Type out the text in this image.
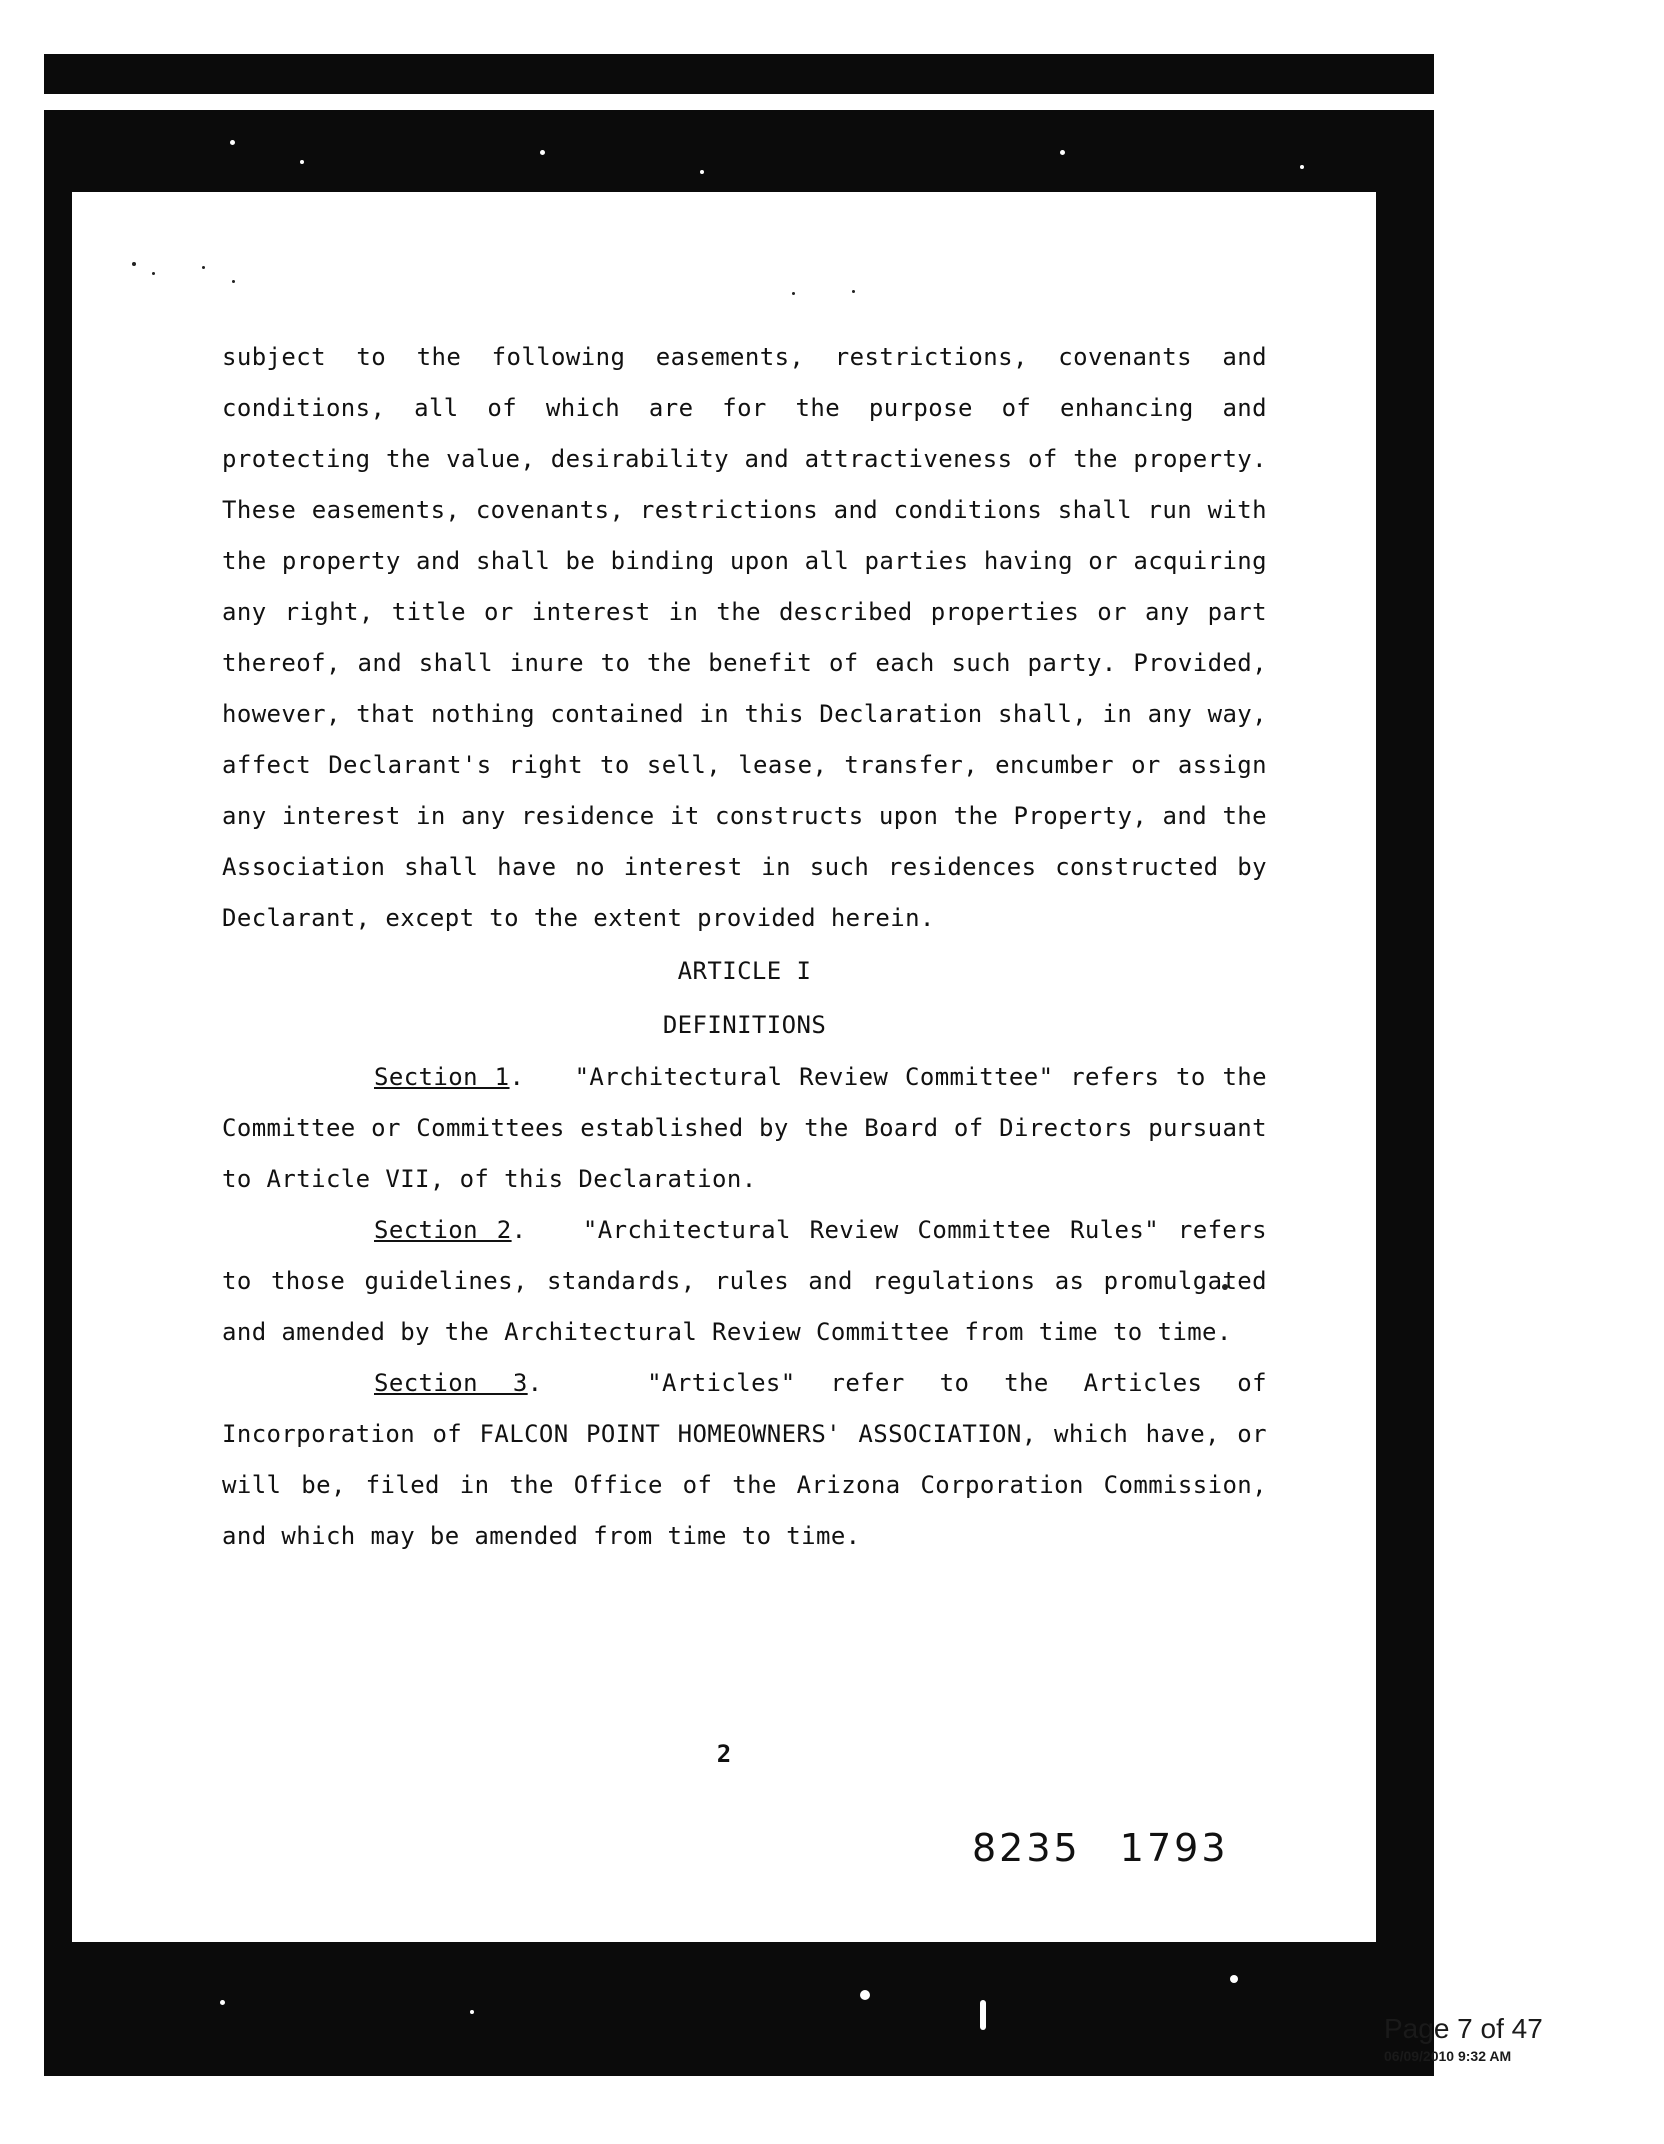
subject to the following easements, restrictions, covenants and conditions, all of which are for the purpose of enhancing and protecting the value, desirability and attractiveness of the property. These easements, covenants, restrictions and conditions shall run with the property and shall be binding upon all parties having or acquiring any right, title or interest in the described properties or any part thereof, and shall inure to the benefit of each such party. Provided, however, that nothing contained in this Declaration shall, in any way, affect Declarant's right to sell, lease, transfer, encumber or assign any interest in any residence it constructs upon the Property, and the Association shall have no interest in such residences constructed by Declarant, except to the extent provided herein.

ARTICLE I

DEFINITIONS

Section 1.   "Architectural Review Committee" refers to the Committee or Committees established by the Board of Directors pursuant to Article VII, of this Declaration.

Section 2.   "Architectural Review Committee Rules" refers to those guidelines, standards, rules and regulations as promulgated and amended by the Architectural Review Committee from time to time.

Section 3.   "Articles" refer to the Articles of Incorporation of FALCON POINT HOMEOWNERS' ASSOCIATION, which have, or will be, filed in the Office of the Arizona Corporation Commission, and which may be amended from time to time.

2
8235 1793
Page 7 of 47
06/09/2010 9:32 AM
